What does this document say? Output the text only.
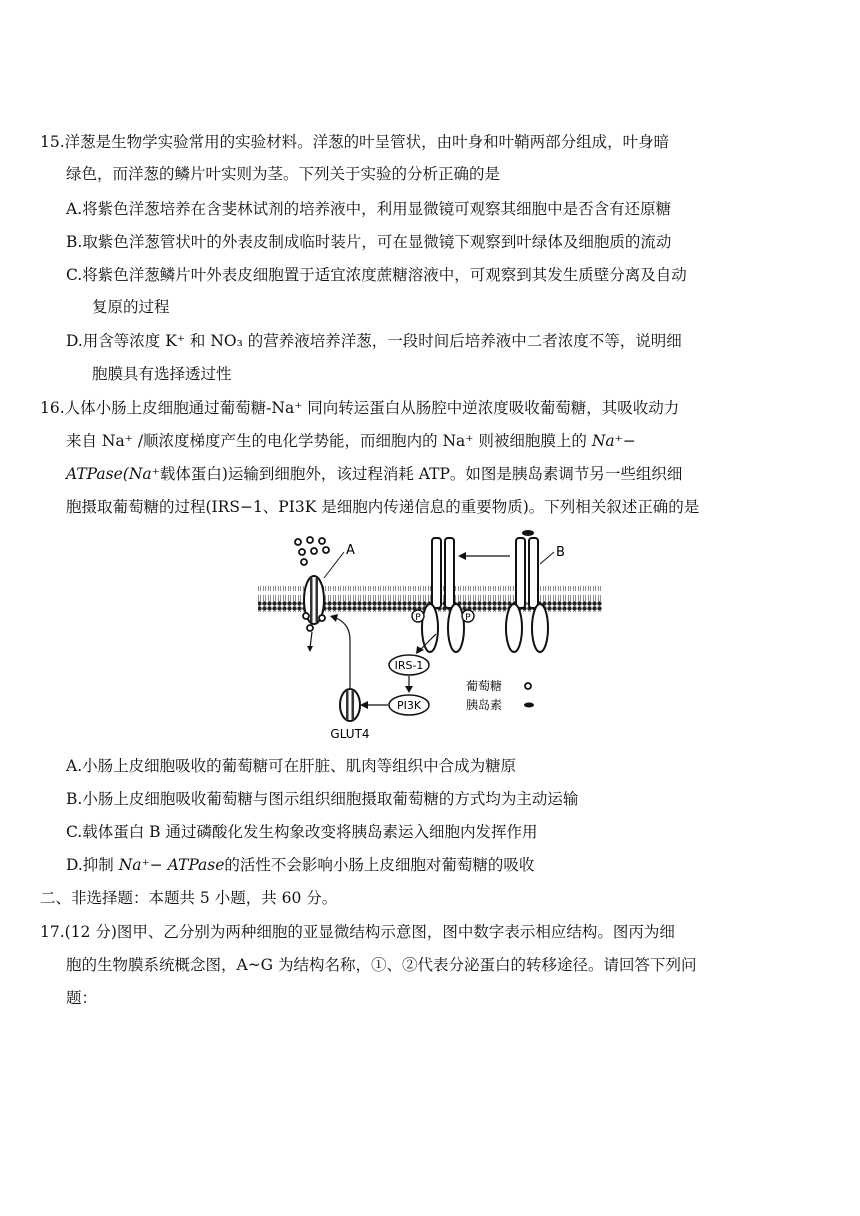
15.洋葱是生物学实验常用的实验材料。洋葱的叶呈管状，由叶身和叶鞘两部分组成，叶身暗
绿色，而洋葱的鳞片叶实则为茎。下列关于实验的分析正确的是
A.将紫色洋葱培养在含斐林试剂的培养液中，利用显微镜可观察其细胞中是否含有还原糖
B.取紫色洋葱管状叶的外表皮制成临时装片，可在显微镜下观察到叶绿体及细胞质的流动
C.将紫色洋葱鳞片叶外表皮细胞置于适宜浓度蔗糖溶液中，可观察到其发生质壁分离及自动
复原的过程
D.用含等浓度 K⁺ 和 NO₃ 的营养液培养洋葱，一段时间后培养液中二者浓度不等，说明细
胞膜具有选择透过性
16.人体小肠上皮细胞通过葡萄糖-Na⁺ 同向转运蛋白从肠腔中逆浓度吸收葡萄糖，其吸收动力
来自 Na⁺ /顺浓度梯度产生的电化学势能，而细胞内的 Na⁺ 则被细胞膜上的 Na⁺−
ATPase(Na⁺载体蛋白)运输到细胞外，该过程消耗 ATP。如图是胰岛素调节另一些组织细
胞摄取葡萄糖的过程(IRS−1、PI3K 是细胞内传递信息的重要物质)。下列相关叙述正确的是
A	B
P	P
IRS-1
PI3K
GLUT4
葡萄糖
胰岛素
A.小肠上皮细胞吸收的葡萄糖可在肝脏、肌肉等组织中合成为糖原
B.小肠上皮细胞吸收葡萄糖与图示组织细胞摄取葡萄糖的方式均为主动运输
C.载体蛋白 B 通过磷酸化发生构象改变将胰岛素运入细胞内发挥作用
D.抑制 Na⁺− ATPase的活性不会影响小肠上皮细胞对葡萄糖的吸收
二、非选择题：本题共 5 小题，共 60 分。
17.(12 分)图甲、乙分别为两种细胞的亚显微结构示意图，图中数字表示相应结构。图丙为细
胞的生物膜系统概念图，A~G 为结构名称，①、②代表分泌蛋白的转移途径。请回答下列问
题：
